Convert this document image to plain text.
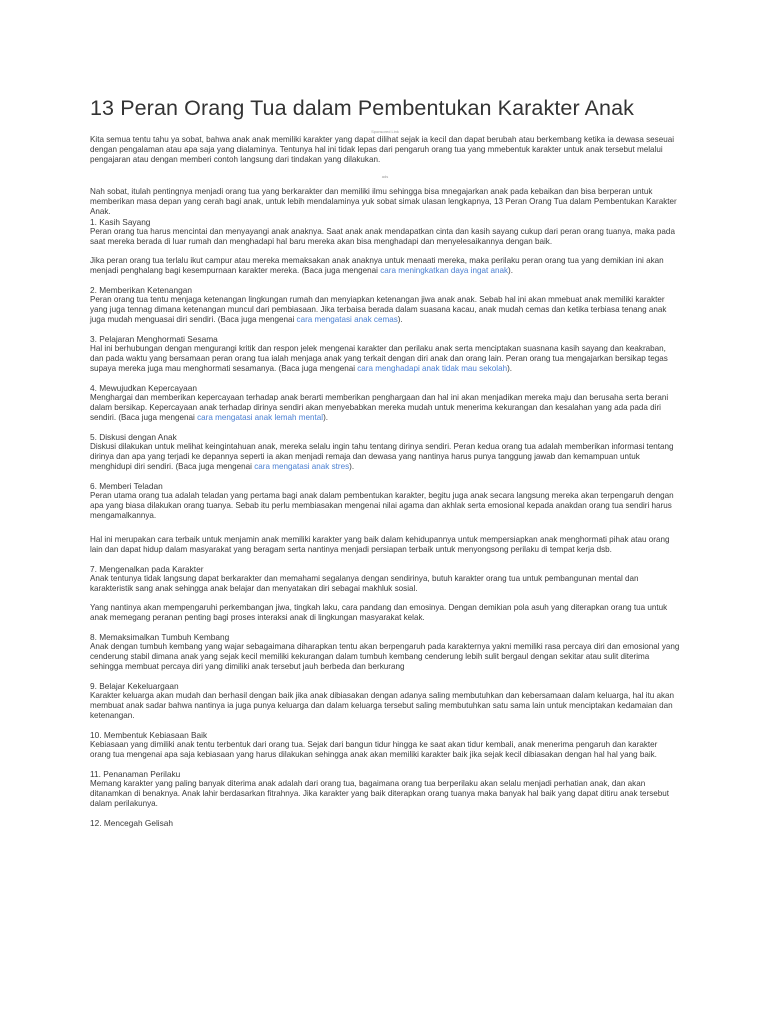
13 Peran Orang Tua dalam Pembentukan Karakter Anak
Sponsored Link

Kita semua tentu tahu ya sobat, bahwa anak anak memiliki karakter yang dapat dilihat sejak ia kecil dan dapat berubah atau berkembang ketika ia dewasa seseuai dengan pengalaman atau apa saja yang dialaminya. Tentunya hal ini tidak lepas dari pengaruh orang tua yang mmebentuk karakter untuk anak tersebut melalui pengajaran atau dengan memberi contoh langsung dari tindakan yang dilakukan.

ads

Nah sobat, itulah pentingnya menjadi orang tua yang berkarakter dan memiliki ilmu sehingga bisa mnegajarkan anak pada kebaikan dan bisa berperan untuk memberikan masa depan yang cerah bagi anak, untuk lebih mendalaminya yuk sobat simak ulasan lengkapnya, 13 Peran Orang Tua dalam Pembentukan Karakter Anak.

1. Kasih Sayang

Peran orang tua harus mencintai dan menyayangi anak anaknya. Saat anak anak mendapatkan cinta dan kasih sayang cukup dari peran orang tuanya, maka pada saat mereka berada di luar rumah dan menghadapi hal baru mereka akan bisa menghadapi dan menyelesaikannya dengan baik.

Jika peran orang tua terlalu ikut campur atau mereka memaksakan anak anaknya untuk menaati mereka, maka perilaku peran orang tua yang demikian ini akan menjadi penghalang bagi kesempurnaan karakter mereka. (Baca juga mengenai cara meningkatkan daya ingat anak).

2. Memberikan Ketenangan

Peran orang tua tentu menjaga ketenangan lingkungan rumah dan menyiapkan ketenangan jiwa anak anak. Sebab hal ini akan mmebuat anak memiliki karakter yang juga tennag dimana ketenangan muncul dari pembiasaan. Jika terbaisa berada dalam suasana kacau, anak mudah cemas dan ketika terbiasa tenang anak juga mudah menguasai diri sendiri. (Baca juga mengenai cara mengatasi anak cemas).

3. Pelajaran Menghormati Sesama

Hal ini berhubungan dengan mengurangi kritik dan respon jelek mengenai karakter dan perilaku anak serta menciptakan suasnana kasih sayang dan keakraban, dan pada waktu yang bersamaan peran orang tua ialah menjaga anak yang terkait dengan diri anak dan orang lain. Peran orang tua mengajarkan bersikap tegas supaya mereka juga mau menghormati sesamanya. (Baca juga mengenai cara menghadapi anak tidak mau sekolah).

4. Mewujudkan Kepercayaan

Menghargai dan memberikan kepercayaan terhadap anak berarti memberikan penghargaan dan hal ini akan menjadikan mereka maju dan berusaha serta berani dalam bersikap. Kepercayaan anak terhadap dirinya sendiri akan menyebabkan mereka mudah untuk menerima kekurangan dan kesalahan yang ada pada diri sendiri. (Baca juga mengenai cara mengatasi anak lemah mental).

5. Diskusi dengan Anak

Diskusi dilakukan untuk melihat keingintahuan anak, mereka selalu ingin tahu tentang dirinya sendiri. Peran kedua orang tua adalah memberikan informasi tentang dirinya dan apa yang terjadi ke depannya seperti ia akan menjadi remaja dan dewasa yang nantinya harus punya tanggung jawab dan kemampuan untuk menghidupi diri sendiri. (Baca juga mengenai cara mengatasi anak stres).

6. Memberi Teladan

Peran utama orang tua adalah teladan yang pertama bagi anak dalam pembentukan karakter, begitu juga anak secara langsung mereka akan terpengaruh dengan apa yang biasa dilakukan orang tuanya. Sebab itu perlu membiasakan mengenai nilai agama dan akhlak serta emosional kepada anakdan orang tua sendiri harus mengamalkannya.

Hal ini merupakan cara terbaik untuk menjamin anak memiliki karakter yang baik dalam kehidupannya untuk mempersiapkan anak menghormati pihak atau orang lain dan dapat hidup dalam masyarakat yang beragam serta nantinya menjadi persiapan terbaik untuk menyongsong perilaku di tempat kerja dsb.

7. Mengenalkan pada Karakter

Anak tentunya tidak langsung dapat berkarakter dan memahami segalanya dengan sendirinya, butuh karakter orang tua untuk pembangunan mental dan karakteristik sang anak sehingga anak belajar dan menyatakan diri sebagai makhluk sosial.

Yang nantinya akan mempengaruhi perkembangan jiwa, tingkah laku, cara pandang dan emosinya. Dengan demikian pola asuh yang diterapkan orang tua untuk anak memegang peranan penting bagi proses interaksi anak di lingkungan masyarakat kelak.

8. Memaksimalkan Tumbuh Kembang

Anak dengan tumbuh kembang yang wajar sebagaimana diharapkan tentu akan berpengaruh pada karakternya yakni memiliki rasa percaya diri dan emosional yang cenderung stabil dimana anak yang sejak kecil memiliki kekurangan dalam tumbuh kembang cenderung lebih sulit bergaul dengan sekitar atau sulit diterima sehingga membuat percaya diri yang dimiliki anak tersebut jauh berbeda dan berkurang

9. Belajar Kekeluargaan

Karakter keluarga akan mudah dan berhasil dengan baik jika anak dibiasakan dengan adanya saling membutuhkan dan kebersamaan dalam keluarga, hal itu akan membuat anak sadar bahwa nantinya ia juga punya keluarga dan dalam keluarga tersebut saling membutuhkan satu sama lain untuk menciptakan kedamaian dan ketenangan.

10. Membentuk Kebiasaan Baik

Kebiasaan yang dimiliki anak tentu terbentuk dari orang tua. Sejak dari bangun tidur hingga ke saat akan tidur kembali, anak menerima pengaruh dan karakter orang tua mengenai apa saja kebiasaan yang harus dilakukan sehingga anak akan memiliki karakter baik jika sejak kecil dibiasakan dengan hal hal yang baik.

11. Penanaman Perilaku

Memang karakter yang paling banyak diterima anak adalah dari orang tua, bagaimana orang tua berperilaku akan selalu menjadi perhatian anak, dan akan ditanamkan di benaknya. Anak lahir berdasarkan fitrahnya. Jika karakter yang baik diterapkan orang tuanya maka banyak hal baik yang dapat ditiru anak tersebut dalam perilakunya.

12. Mencegah Gelisah
